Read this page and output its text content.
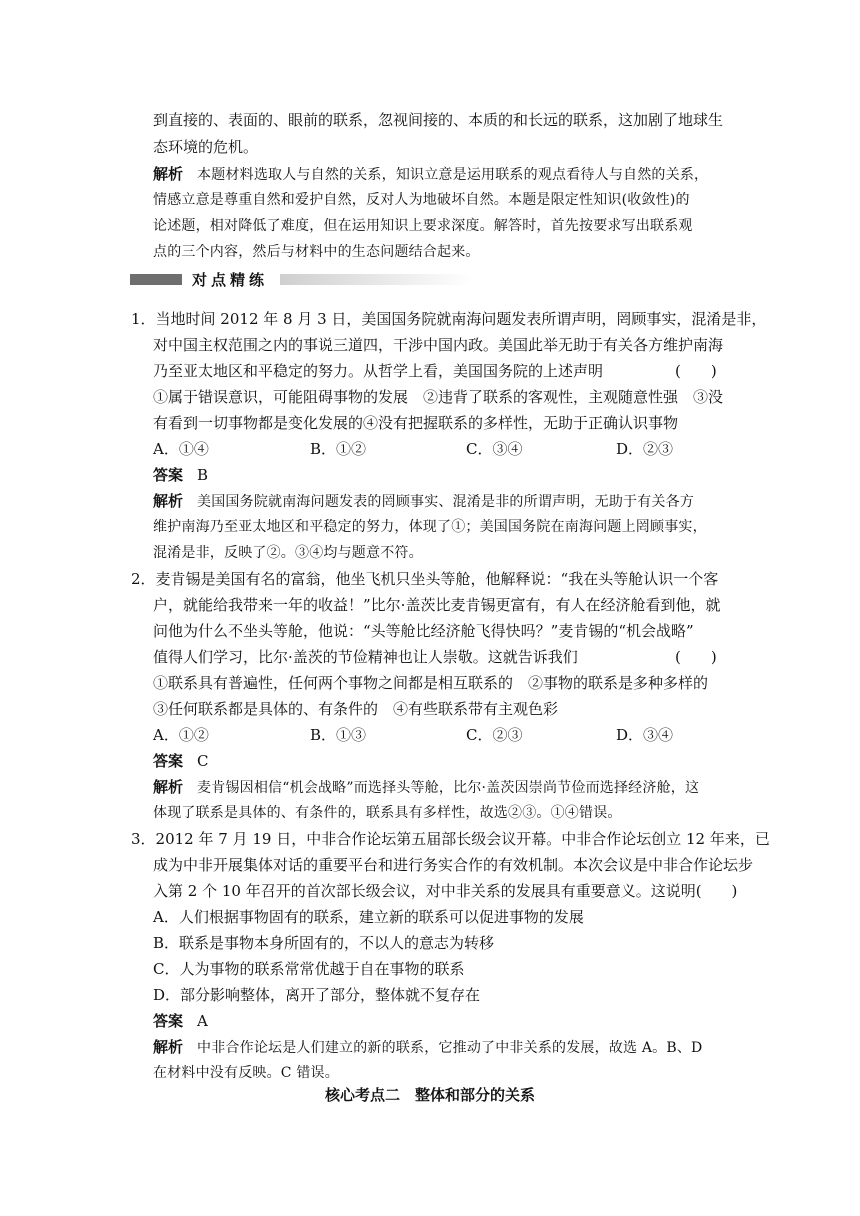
到直接的、表面的、眼前的联系，忽视间接的、本质的和长远的联系，这加剧了地球生
态环境的危机。
解析 本题材料选取人与自然的关系，知识立意是运用联系的观点看待人与自然的关系，
情感立意是尊重自然和爱护自然，反对人为地破坏自然。本题是限定性知识(收敛性)的
论述题，相对降低了难度，但在运用知识上要求深度。解答时，首先按要求写出联系观
点的三个内容，然后与材料中的生态问题结合起来。
对点精练
1．当地时间 2012 年 8 月 3 日，美国国务院就南海问题发表所谓声明，罔顾事实，混淆是非，
对中国主权范围之内的事说三道四，干涉中国内政。美国此举无助于有关各方维护南海
乃至亚太地区和平稳定的努力。从哲学上看，美国国务院的上述声明	(　　)
①属于错误意识，可能阻碍事物的发展　②违背了联系的客观性，主观随意性强　③没
有看到一切事物都是变化发展的④没有把握联系的多样性，无助于正确认识事物
A．①④	B．①②	C．③④	D．②③
答案 B
解析 美国国务院就南海问题发表的罔顾事实、混淆是非的所谓声明，无助于有关各方
维护南海乃至亚太地区和平稳定的努力，体现了①；美国国务院在南海问题上罔顾事实，
混淆是非，反映了②。③④均与题意不符。
2．麦肯锡是美国有名的富翁，他坐飞机只坐头等舱，他解释说：“我在头等舱认识一个客
户，就能给我带来一年的收益！”比尔·盖茨比麦肯锡更富有，有人在经济舱看到他，就
问他为什么不坐头等舱，他说：“头等舱比经济舱飞得快吗？”麦肯锡的“机会战略”
值得人们学习，比尔·盖茨的节俭精神也让人崇敬。这就告诉我们	(　　)
①联系具有普遍性，任何两个事物之间都是相互联系的　②事物的联系是多种多样的
③任何联系都是具体的、有条件的　④有些联系带有主观色彩
A．①②	B．①③	C．②③	D．③④
答案 C
解析 麦肯锡因相信“机会战略”而选择头等舱，比尔·盖茨因崇尚节俭而选择经济舱，这
体现了联系是具体的、有条件的，联系具有多样性，故选②③。①④错误。
3．2012 年 7 月 19 日，中非合作论坛第五届部长级会议开幕。中非合作论坛创立 12 年来，已
成为中非开展集体对话的重要平台和进行务实合作的有效机制。本次会议是中非合作论坛步
入第 2 个 10 年召开的首次部长级会议，对中非关系的发展具有重要意义。这说明(　　)
A．人们根据事物固有的联系，建立新的联系可以促进事物的发展
B．联系是事物本身所固有的，不以人的意志为转移
C．人为事物的联系常常优越于自在事物的联系
D．部分影响整体，离开了部分，整体就不复存在
答案 A
解析 中非合作论坛是人们建立的新的联系，它推动了中非关系的发展，故选 A。B、D
在材料中没有反映。C 错误。
核心考点二　整体和部分的关系
